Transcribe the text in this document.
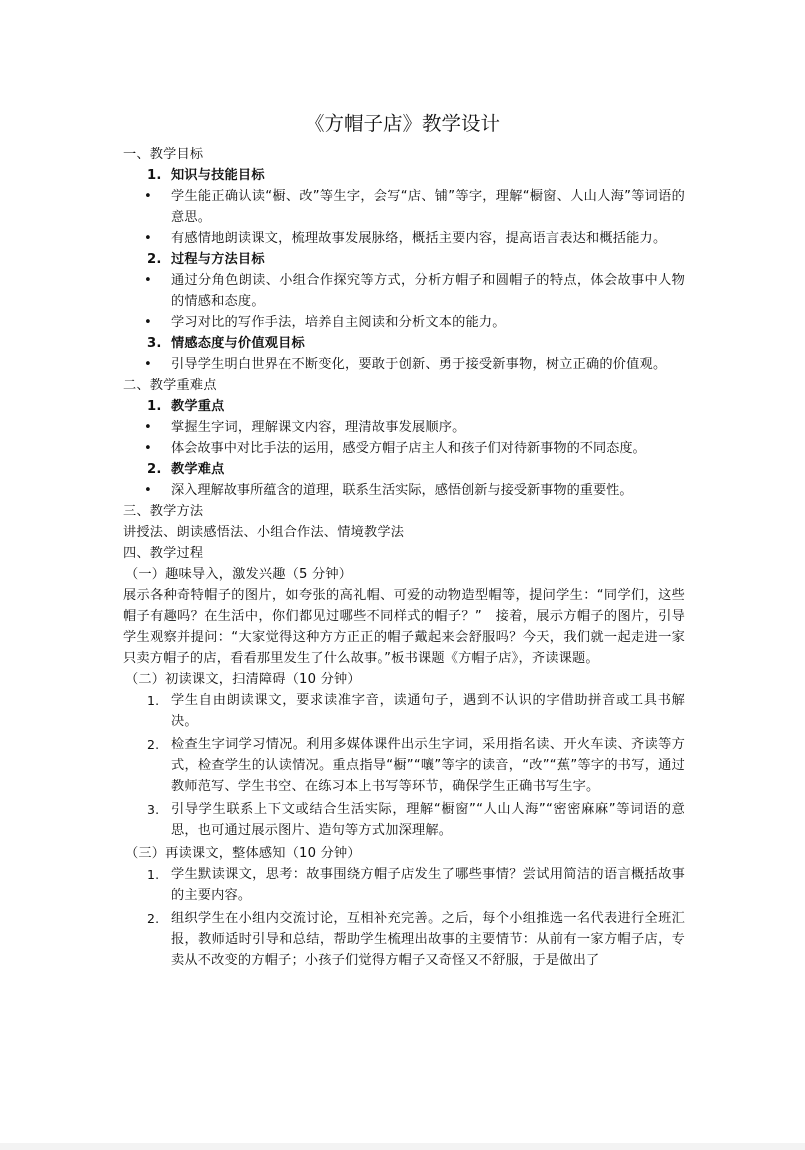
《方帽子店》教学设计
一、教学目标
1. 知识与技能目标
• 学生能正确认读“橱、改”等生字，会写“店、铺”等字，理解“橱窗、人山人海”等词语的意思。
• 有感情地朗读课文，梳理故事发展脉络，概括主要内容，提高语言表达和概括能力。
2. 过程与方法目标
• 通过分角色朗读、小组合作探究等方式，分析方帽子和圆帽子的特点，体会故事中人物的情感和态度。
• 学习对比的写作手法，培养自主阅读和分析文本的能力。
3. 情感态度与价值观目标
• 引导学生明白世界在不断变化，要敢于创新、勇于接受新事物，树立正确的价值观。
二、教学重难点
1. 教学重点
• 掌握生字词，理解课文内容，理清故事发展顺序。
• 体会故事中对比手法的运用，感受方帽子店主人和孩子们对待新事物的不同态度。
2. 教学难点
• 深入理解故事所蕴含的道理，联系生活实际，感悟创新与接受新事物的重要性。
三、教学方法
讲授法、朗读感悟法、小组合作法、情境教学法
四、教学过程
（一）趣味导入，激发兴趣（5 分钟）
展示各种奇特帽子的图片，如夸张的高礼帽、可爱的动物造型帽等，提问学生：“同学们，这些帽子有趣吗？在生活中，你们都见过哪些不同样式的帽子？”　接着，展示方帽子的图片，引导学生观察并提问：“大家觉得这种方方正正的帽子戴起来会舒服吗？今天，我们就一起走进一家只卖方帽子的店，看看那里发生了什么故事。”板书课题《方帽子店》，齐读课题。
（二）初读课文，扫清障碍（10 分钟）
1. 学生自由朗读课文，要求读准字音，读通句子，遇到不认识的字借助拼音或工具书解决。
2. 检查生字词学习情况。利用多媒体课件出示生字词，采用指名读、开火车读、齐读等方式，检查学生的认读情况。重点指导“橱”“嚷”等字的读音，“改”“蕉”等字的书写，通过教师范写、学生书空、在练习本上书写等环节，确保学生正确书写生字。
3. 引导学生联系上下文或结合生活实际，理解“橱窗”“人山人海”“密密麻麻”等词语的意思，也可通过展示图片、造句等方式加深理解。
（三）再读课文，整体感知（10 分钟）
1. 学生默读课文，思考：故事围绕方帽子店发生了哪些事情？尝试用简洁的语言概括故事的主要内容。
2. 组织学生在小组内交流讨论，互相补充完善。之后，每个小组推选一名代表进行全班汇报，教师适时引导和总结，帮助学生梳理出故事的主要情节：从前有一家方帽子店，专卖从不改变的方帽子；小孩子们觉得方帽子又奇怪又不舒服，于是做出了
